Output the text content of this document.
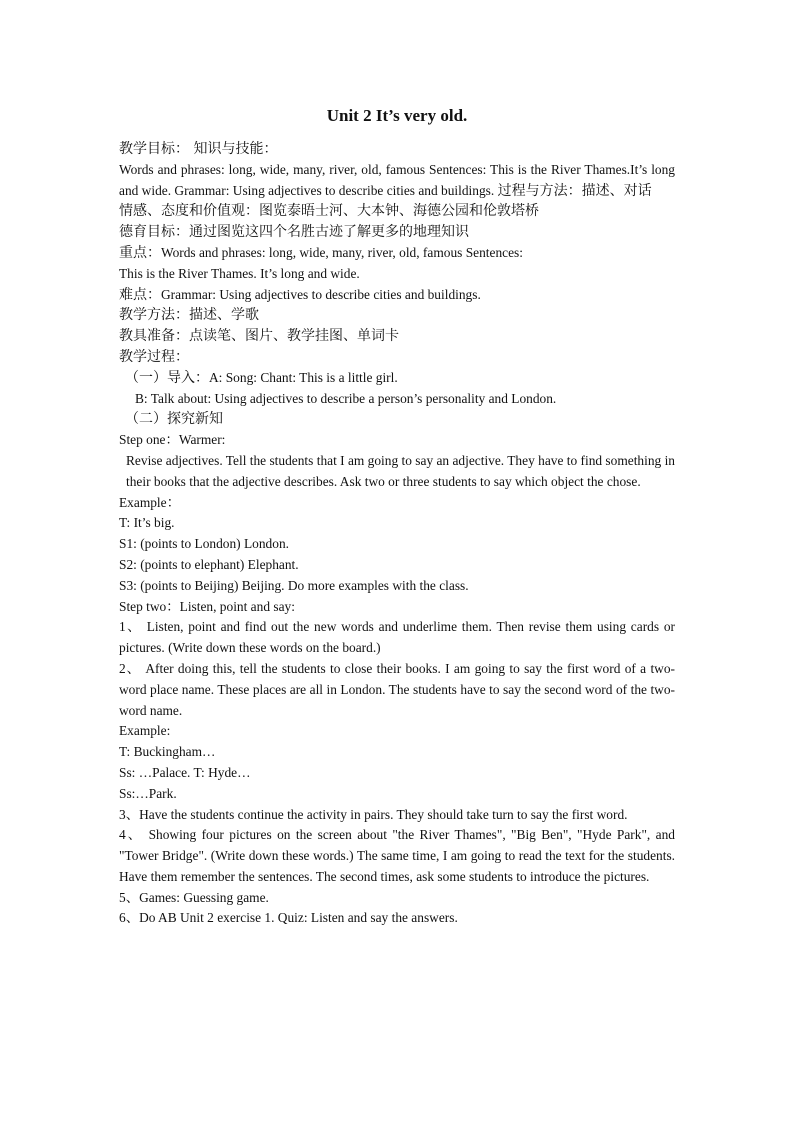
Unit 2 It’s very old.

教学目标： 知识与技能：

Words and phrases: long, wide, many, river, old, famous Sentences: This is the River Thames.It’s long and wide. Grammar: Using adjectives to describe cities and buildings. 过程与方法：描述、对话

情感、态度和价值观：图览泰晤士河、大本钟、海德公园和伦敦塔桥

德育目标：通过图览这四个名胜古迹了解更多的地理知识

重点：Words and phrases: long, wide, many, river, old, famous Sentences:

This is the River Thames. It’s long and wide.

难点：Grammar: Using adjectives to describe cities and buildings.

教学方法：描述、学歌

教具准备：点读笔、图片、教学挂图、单词卡

教学过程：

（一）导入：A: Song: Chant: This is a little girl.

B: Talk about: Using adjectives to describe a person’s personality and London.

（二）探究新知

Step one：Warmer:

Revise adjectives. Tell the students that I am going to say an adjective. They have to find something in their books that the adjective describes. Ask two or three students to say which object the chose.

Example：

T: It’s big.

S1: (points to London) London.

S2: (points to elephant) Elephant.

S3: (points to Beijing) Beijing. Do more examples with the class.

Step two：Listen, point and say:

1、 Listen, point and find out the new words and underlime them. Then revise them using cards or pictures. (Write down these words on the board.)

2、 After doing this, tell the students to close their books. I am going to say the first word of a two-word place name. These places are all in London. The students have to say the second word of the two-word name.

Example:

T: Buckingham…

Ss: …Palace. T: Hyde…

Ss:…Park.

3、Have the students continue the activity in pairs. They should take turn to say the first word.

4、 Showing four pictures on the screen about "the River Thames", "Big Ben", "Hyde Park", and "Tower Bridge". (Write down these words.) The same time, I am going to read the text for the students. Have them remember the sentences. The second times, ask some students to introduce the pictures.

5、Games: Guessing game.

6、Do AB Unit 2 exercise 1. Quiz: Listen and say the answers.
